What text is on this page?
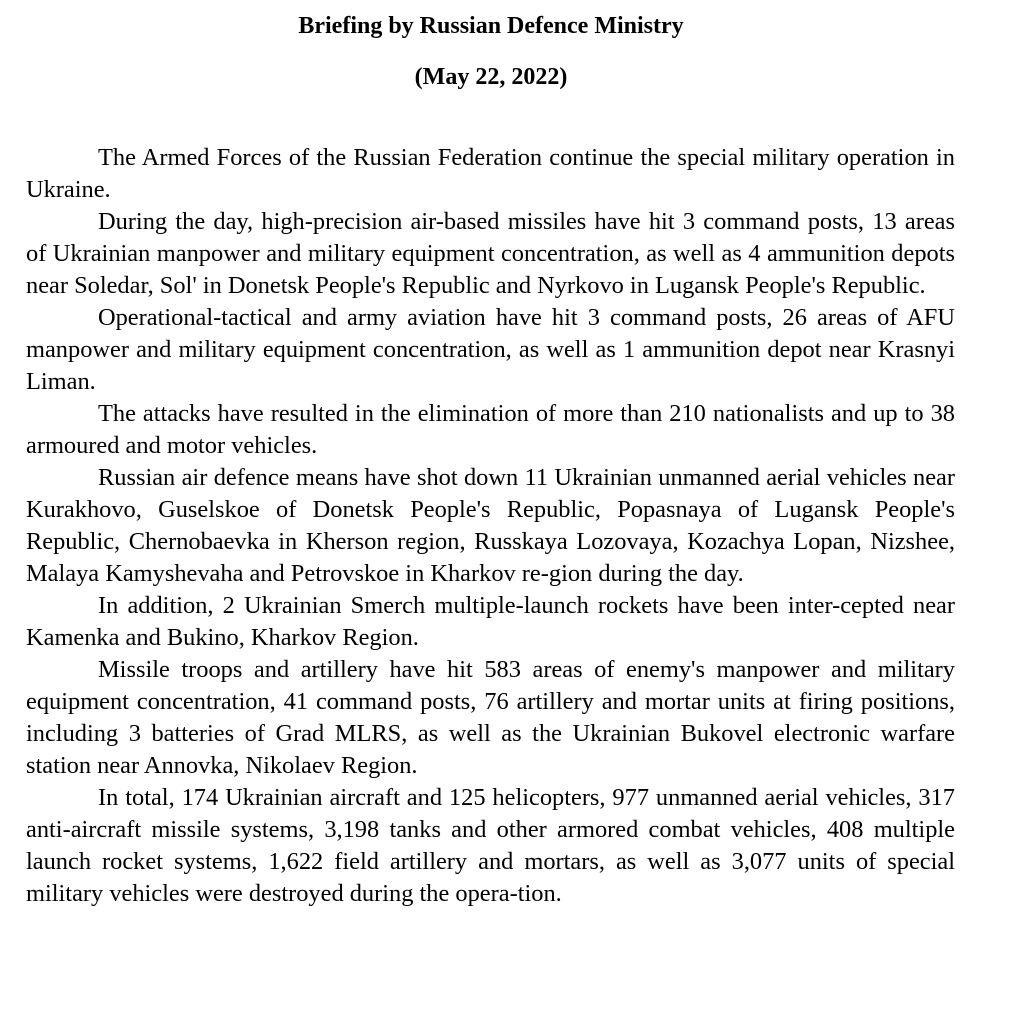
Briefing by Russian Defence Ministry
(May 22, 2022)

The Armed Forces of the Russian Federation continue the special military operation in Ukraine.

During the day, high-precision air-based missiles have hit 3 command posts, 13 areas of Ukrainian manpower and military equipment concentration, as well as 4 ammunition depots near Soledar, Sol' in Donetsk People's Republic and Nyrkovo in Lugansk People's Republic.

Operational-tactical and army aviation have hit 3 command posts, 26 areas of AFU manpower and military equipment concentration, as well as 1 ammunition depot near Krasnyi Liman.

The attacks have resulted in the elimination of more than 210 nationalists and up to 38 armoured and motor vehicles.

Russian air defence means have shot down 11 Ukrainian unmanned aerial vehicles near Kurakhovo, Guselskoe of Donetsk People's Republic, Popasnaya of Lugansk People's Republic, Chernobaevka in Kherson region, Russkaya Lozovaya, Kozachya Lopan, Nizshee, Malaya Kamyshevaha and Petrovskoe in Kharkov re-gion during the day.

In addition, 2 Ukrainian Smerch multiple-launch rockets have been inter-cepted near Kamenka and Bukino, Kharkov Region.

Missile troops and artillery have hit 583 areas of enemy's manpower and military equipment concentration, 41 command posts, 76 artillery and mortar units at firing positions, including 3 batteries of Grad MLRS, as well as the Ukrainian Bukovel electronic warfare station near Annovka, Nikolaev Region.

In total, 174 Ukrainian aircraft and 125 helicopters, 977 unmanned aerial vehicles, 317 anti-aircraft missile systems, 3,198 tanks and other armored combat vehicles, 408 multiple launch rocket systems, 1,622 field artillery and mortars, as well as 3,077 units of special military vehicles were destroyed during the opera-tion.
